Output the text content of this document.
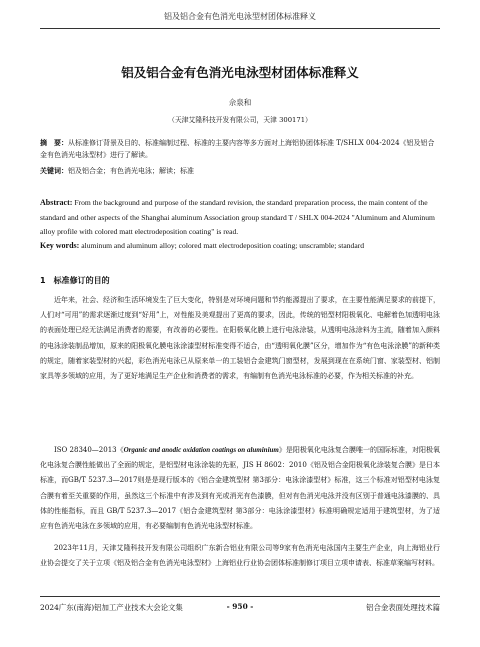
铝及铝合金有色消光电泳型材团体标准释义
铝及铝合金有色消光电泳型材团体标准释义
佘泉和
（天津艾隆科技开发有限公司，天津 300171）
摘　要：从标准修订背景及目的、标准编制过程、标准的主要内容等多方面对上海铝协团体标准 T/SHLX 004-2024《铝及铝合金有色消光电泳型材》进行了解读。
关键词：铝及铝合金；有色消光电泳；解读；标准
Abstract: From the background and purpose of the standard revision, the standard preparation process, the main content of the standard and other aspects of the Shanghai aluminum Association group standard T / SHLX 004-2024 "Aluminum and Aluminum alloy profile with colored matt electrodeposition coating" is read.
Key words: aluminum and aluminum alloy; colored matt electrodeposition coating; unscramble; standard
1　标准修订的目的

近年来，社会、经济和生活环境发生了巨大变化，特别是对环境问题和节约能源提出了要求，在主要性能满足要求的前提下，人们对“可用”的需求逐渐过度到“好用”上，对性能及美观提出了更高的要求，因此，传统的铝型材阳极氧化、电解着色加透明电泳的表面处理已经无法满足消费者的需要，有改善的必要性。在阳极氧化膜上进行电泳涂装，从透明电泳涂料为主流，随着加入颜料的电泳涂装制品增加，原来的阳极氧化膜电泳涂漆型材标准变得不适合，由“透明氧化膜”区分，增加作为“有色电泳涂膜”的新种类的规定，随着家装型材的兴起，彩色消光电泳已从原来单一的工装铝合金建筑门窗型材，发展到现在在系统门窗、家装型材、铝制家具等多领域的应用，为了更好地满足生产企业和消费者的需求，有编制有色消光电泳标准的必要，作为相关标准的补充。

ISO 28340—2013《Organic and anodic oxidation coatings on aluminium》是阳极氧化电泳复合膜唯一的国际标准，对阳极氧化电泳复合膜性能做出了全面的规定，是铝型材电泳涂装的先驱，JIS H 8602：2010《铝及铝合金阳极氧化涂装复合膜》是日本标准，而GB/T 5237.3—2017则是是现行版本的《铝合金建筑型材 第3部分：电泳涂漆型材》标准，这三个标准对铝型材电泳复合膜有着至关重要的作用，虽然这三个标准中有涉及到有光或消光有色漆膜，但对有色消光电泳并没有区别于普通电泳漆膜的、具体的性能指标，而且 GB/T 5237.3—2017《铝合金建筑型材 第3部分：电泳涂漆型材》标准明确规定适用于建筑型材，为了适应有色消光电泳在多领域的应用，有必要编制有色消光电泳型材标准。

2023年11月，天津艾隆科技开发有限公司组织广东新合铝业有限公司等9家有色消光电泳国内主要生产企业，向上海铝业行业协会提交了关于立项《铝及铝合金有色消光电泳型材》上海铝业行业协会团体标准制修订项目立项申请表、标准草案编写材料。

2024广东(南海)铝加工产业技术大会论文集	- 950 -	铝合金表面处理技术篇
